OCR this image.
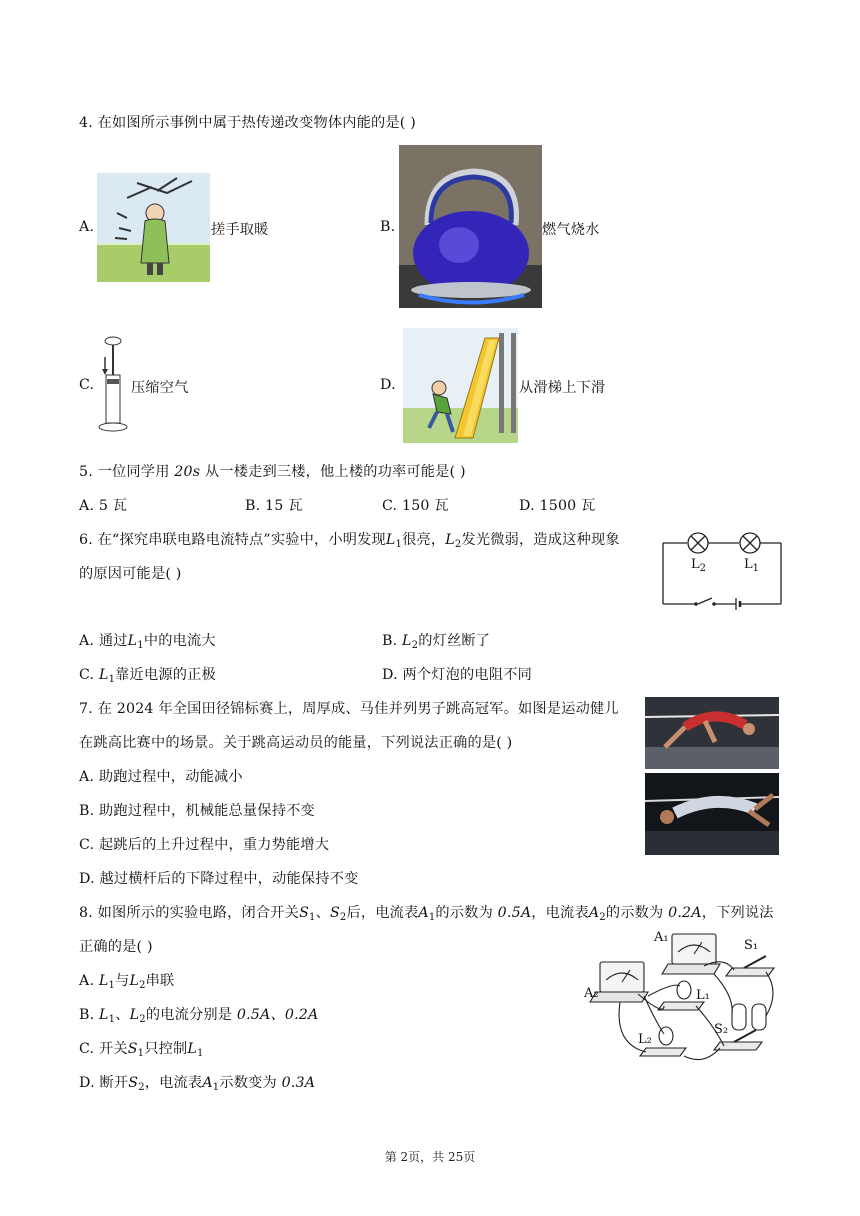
4. 在如图所示事例中属于热传递改变物体内能的是( )
A.	搓手取暖	B.	燃气烧水
C.	压缩空气	D.	从滑梯上下滑
5. 一位同学用 20s 从一楼走到三楼，他上楼的功率可能是( )
A. 5 瓦	B. 15 瓦	C. 150 瓦	D. 1500 瓦
6. 在“探究串联电路电流特点”实验中，小明发现$L_1$很亮，$L_2$发光微弱，造成这种现象
的原因可能是( )
$L_2$	$L_1$
A. 通过$L_1$中的电流大	B. $L_2$的灯丝断了
C. $L_1$靠近电源的正极	D. 两个灯泡的电阻不同
7. 在 2024 年全国田径锦标赛上，周厚成、马佳并列男子跳高冠军。如图是运动健儿
在跳高比赛中的场景。关于跳高运动员的能量，下列说法正确的是( )
A. 助跑过程中，动能减小
B. 助跑过程中，机械能总量保持不变
C. 起跳后的上升过程中，重力势能增大
D. 越过横杆后的下降过程中，动能保持不变
8. 如图所示的实验电路，闭合开关$S_1$、$S_2$后，电流表$A_1$的示数为 0.5A，电流表$A_2$的示数为 0.2A，下列说法
正确的是( )
A. $L_1$与$L_2$串联
B. $L_1$、$L_2$的电流分别是 0.5A、0.2A
C. 开关$S_1$只控制$L_1$
D. 断开$S_2$，电流表$A_1$示数变为 0.3A
A₁
S₁
A₂	L₁
L₂
S₂
第 2页，共 25页
